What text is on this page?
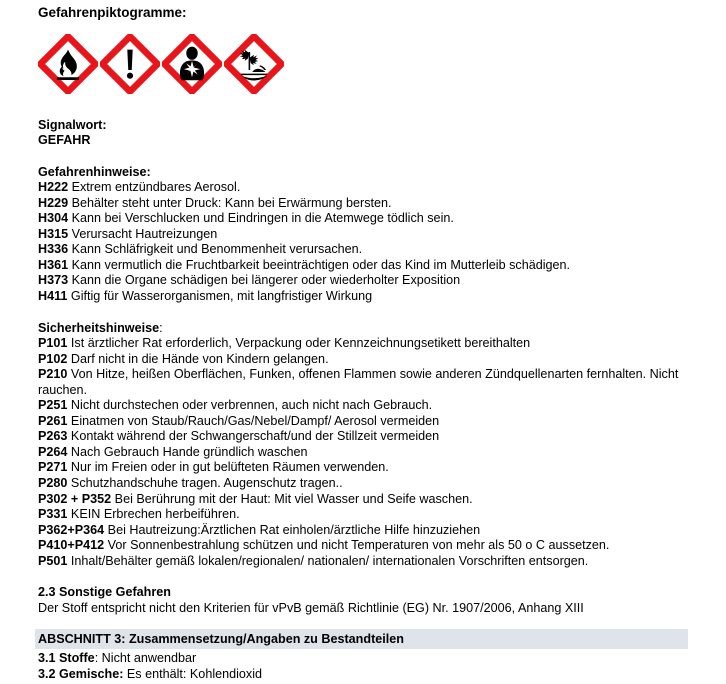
Gefahrenpiktogramme:
Signalwort:
GEFAHR
Gefahrenhinweise:
H222 Extrem entzündbares Aerosol.
H229 Behälter steht unter Druck: Kann bei Erwärmung bersten.
H304 Kann bei Verschlucken und Eindringen in die Atemwege tödlich sein.
H315 Verursacht Hautreizungen
H336 Kann Schläfrigkeit und Benommenheit verursachen.
H361 Kann vermutlich die Fruchtbarkeit beeinträchtigen oder das Kind im Mutterleib schädigen.
H373 Kann die Organe schädigen bei längerer oder wiederholter Exposition
H411 Giftig für Wasserorganismen, mit langfristiger Wirkung
Sicherheitshinweise:
P101 Ist ärztlicher Rat erforderlich, Verpackung oder Kennzeichnungsetikett bereithalten
P102 Darf nicht in die Hände von Kindern gelangen.
P210 Von Hitze, heißen Oberflächen, Funken, offenen Flammen sowie anderen Zündquellenarten fernhalten. Nicht rauchen.
P251 Nicht durchstechen oder verbrennen, auch nicht nach Gebrauch.
P261 Einatmen von Staub/Rauch/Gas/Nebel/Dampf/ Aerosol vermeiden
P263 Kontakt während der Schwangerschaft/und der Stillzeit vermeiden
P264 Nach Gebrauch Hande gründlich waschen
P271 Nur im Freien oder in gut belüfteten Räumen verwenden.
P280 Schutzhandschuhe tragen. Augenschutz tragen..
P302 + P352 Bei Berührung mit der Haut: Mit viel Wasser und Seife waschen.
P331 KEIN Erbrechen herbeiführen.
P362+P364 Bei Hautreizung:Ärztlichen Rat einholen/ärztliche Hilfe hinzuziehen
P410+P412 Vor Sonnenbestrahlung schützen und nicht Temperaturen von mehr als 50 o C aussetzen.
P501 Inhalt/Behälter gemäß lokalen/regionalen/ nationalen/ internationalen Vorschriften entsorgen.
2.3 Sonstige Gefahren
Der Stoff entspricht nicht den Kriterien für vPvB gemäß Richtlinie (EG) Nr. 1907/2006, Anhang XIII
ABSCHNITT 3: Zusammensetzung/Angaben zu Bestandteilen
3.1 Stoffe: Nicht anwendbar
3.2 Gemische: Es enthält: Kohlendioxid
